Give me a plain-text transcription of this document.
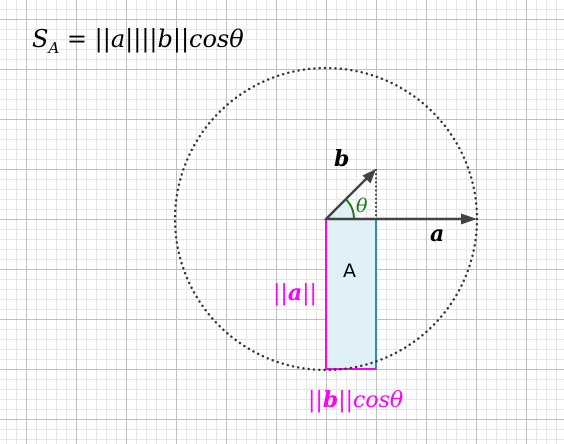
$S_A = ||a||||b||\cos\theta$
b
a
θ
A
||a||
||b||cosθ
